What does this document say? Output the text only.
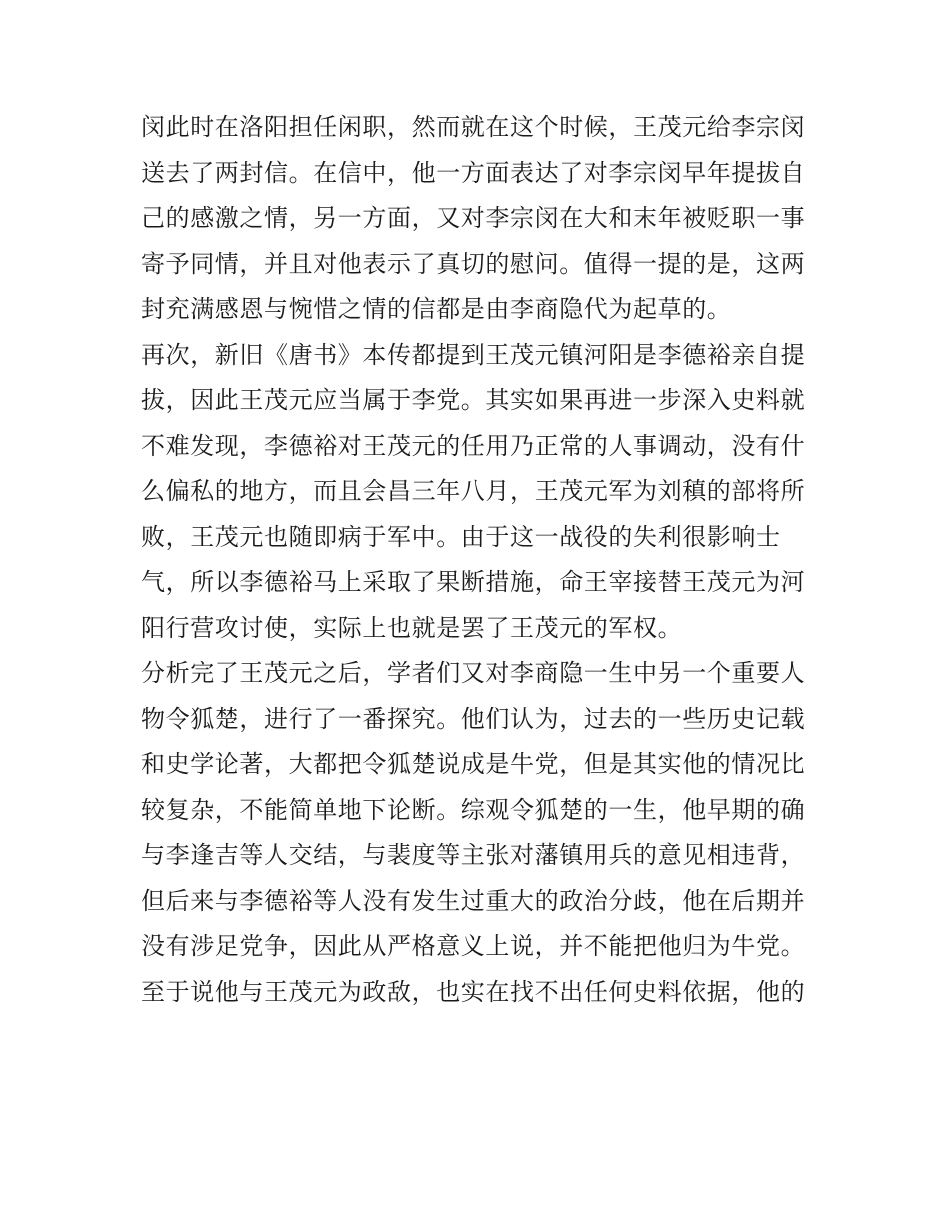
闵此时在洛阳担任闲职，然而就在这个时候，王茂元给李宗闵
送去了两封信。在信中，他一方面表达了对李宗闵早年提拔自
己的感激之情，另一方面，又对李宗闵在大和末年被贬职一事
寄予同情，并且对他表示了真切的慰问。值得一提的是，这两
封充满感恩与惋惜之情的信都是由李商隐代为起草的。
再次，新旧《唐书》本传都提到王茂元镇河阳是李德裕亲自提
拔，因此王茂元应当属于李党。其实如果再进一步深入史料就
不难发现，李德裕对王茂元的任用乃正常的人事调动，没有什
么偏私的地方，而且会昌三年八月，王茂元军为刘稹的部将所
败，王茂元也随即病于军中。由于这一战役的失利很影响士
气，所以李德裕马上采取了果断措施，命王宰接替王茂元为河
阳行营攻讨使，实际上也就是罢了王茂元的军权。
分析完了王茂元之后，学者们又对李商隐一生中另一个重要人
物令狐楚，进行了一番探究。他们认为，过去的一些历史记载
和史学论著，大都把令狐楚说成是牛党，但是其实他的情况比
较复杂，不能简单地下论断。综观令狐楚的一生，他早期的确
与李逢吉等人交结，与裴度等主张对藩镇用兵的意见相违背，
但后来与李德裕等人没有发生过重大的政治分歧，他在后期并
没有涉足党争，因此从严格意义上说，并不能把他归为牛党。
至于说他与王茂元为政敌，也实在找不出任何史料依据，他的
